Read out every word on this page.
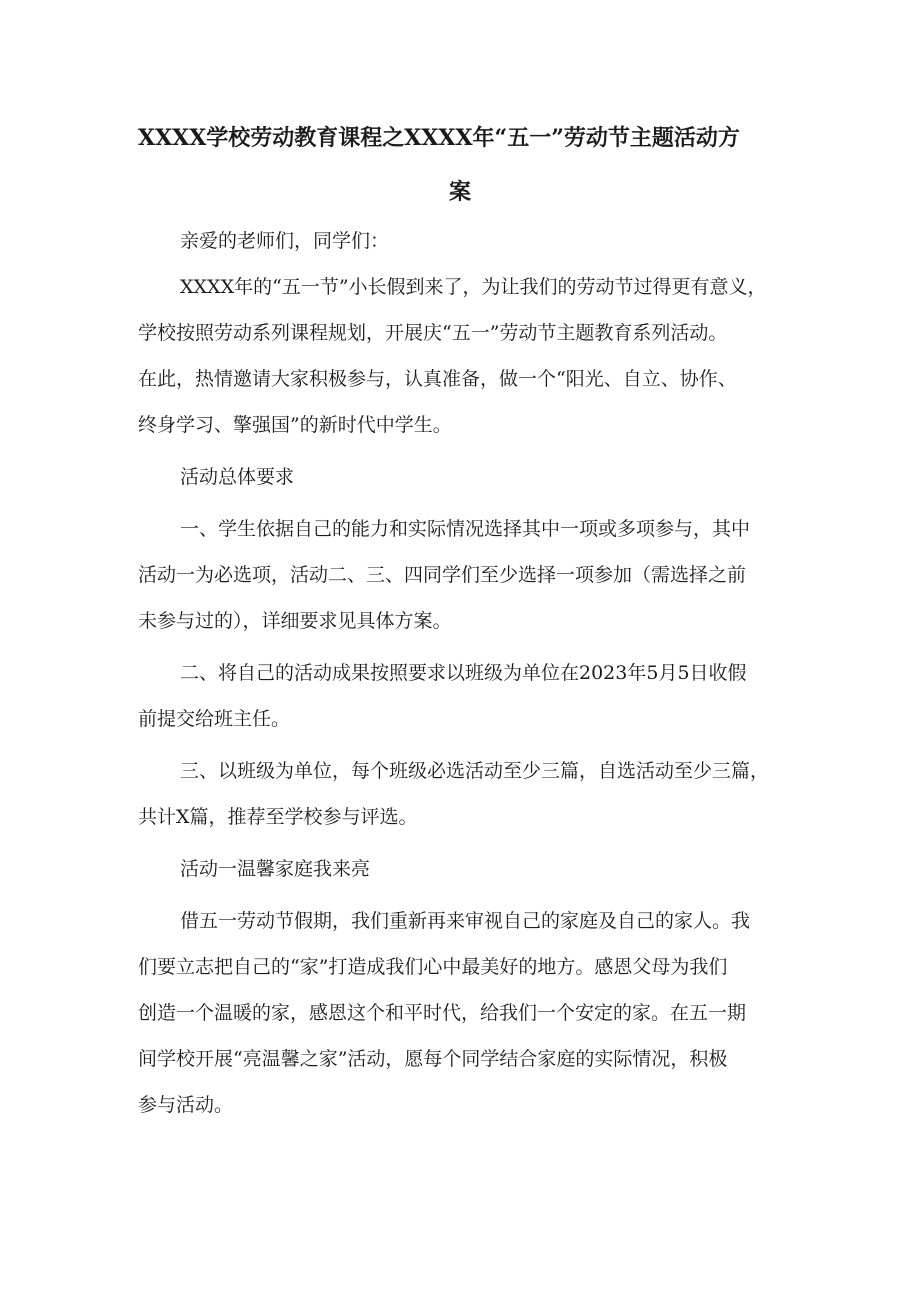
XXXX学校劳动教育课程之XXXX年“五一”劳动节主题活动方
案
亲爱的老师们，同学们：
XXXX年的“五一节”小长假到来了，为让我们的劳动节过得更有意义，
学校按照劳动系列课程规划，开展庆“五一”劳动节主题教育系列活动。
在此，热情邀请大家积极参与，认真准备，做一个“阳光、自立、协作、
终身学习、擎强国”的新时代中学生。
活动总体要求
一、学生依据自己的能力和实际情况选择其中一项或多项参与，其中
活动一为必选项，活动二、三、四同学们至少选择一项参加（需选择之前
未参与过的），详细要求见具体方案。
二、将自己的活动成果按照要求以班级为单位在2023年5月5日收假
前提交给班主任。
三、以班级为单位，每个班级必选活动至少三篇，自选活动至少三篇，
共计X篇，推荐至学校参与评选。
活动一温馨家庭我来亮
借五一劳动节假期，我们重新再来审视自己的家庭及自己的家人。我
们要立志把自己的“家”打造成我们心中最美好的地方。感恩父母为我们
创造一个温暖的家，感恩这个和平时代，给我们一个安定的家。在五一期
间学校开展“亮温馨之家”活动，愿每个同学结合家庭的实际情况，积极
参与活动。
